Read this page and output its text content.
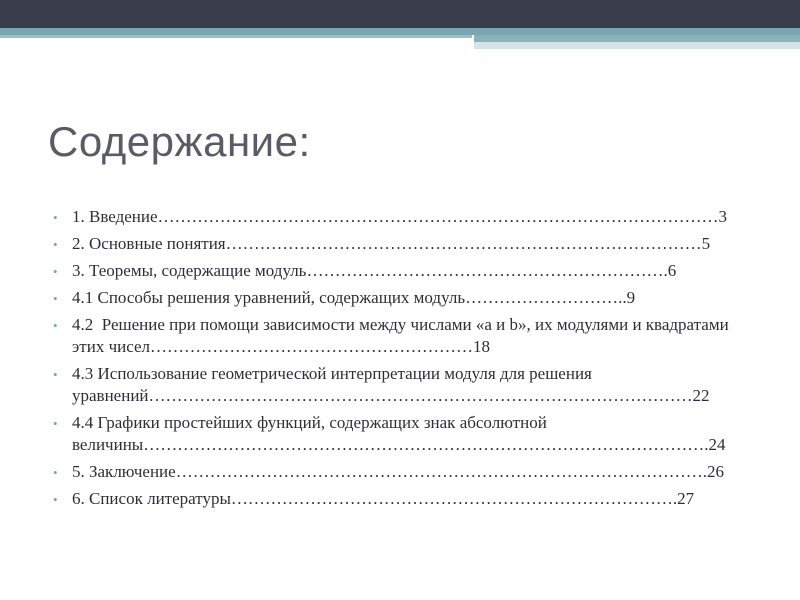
Содержание:
• 1. Введение………………………………………………………………………………………3
• 2. Основные понятия…………………………………………………………………………5
• 3. Теоремы, содержащие модуль……………………………………………………….6
• 4.1 Способы решения уравнений, содержащих модуль………………………..9
• 4.2  Решение при помощи зависимости между числами «a и b», их модулями и квадратами этих чисел…………………………………………………18
• 4.3 Использование геометрической интерпретации модуля для решения уравнений……………………………………………………………………………………22
• 4.4 Графики простейших функций, содержащих знак абсолютной величины……………………………………………………………………………………….24
• 5. Заключение………………………………………………………………………………….26
• 6. Список литературы…………………………………………………………………….27
